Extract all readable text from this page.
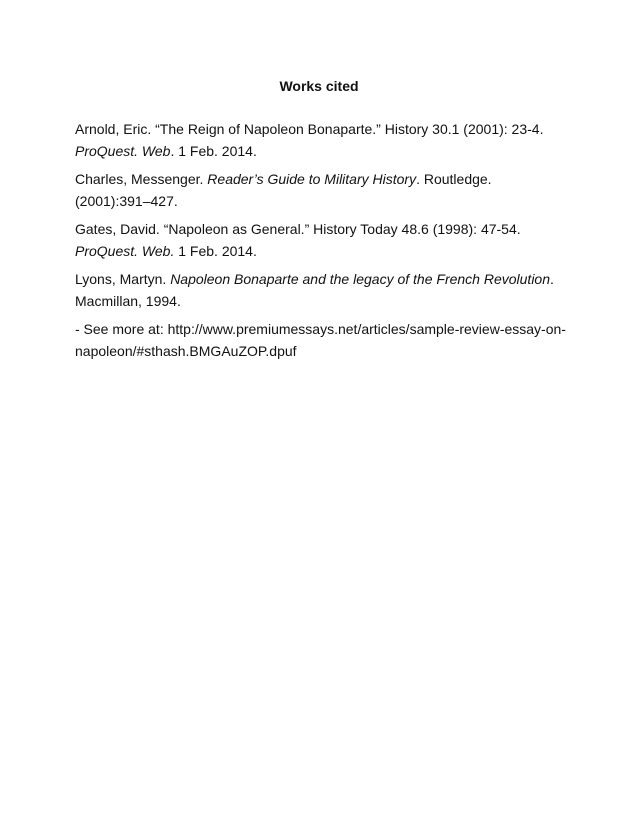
Works cited

Arnold, Eric. “The Reign of Napoleon Bonaparte.” History 30.1 (2001): 23-4. ProQuest. Web. 1 Feb. 2014.

Charles, Messenger. Reader’s Guide to Military History. Routledge. (2001):391–427.

Gates, David. “Napoleon as General.” History Today 48.6 (1998): 47-54. ProQuest. Web. 1 Feb. 2014.

Lyons, Martyn. Napoleon Bonaparte and the legacy of the French Revolution. Macmillan, 1994.

- See more at: http://www.premiumessays.net/articles/sample-review-essay-on-napoleon/#sthash.BMGAuZOP.dpuf
